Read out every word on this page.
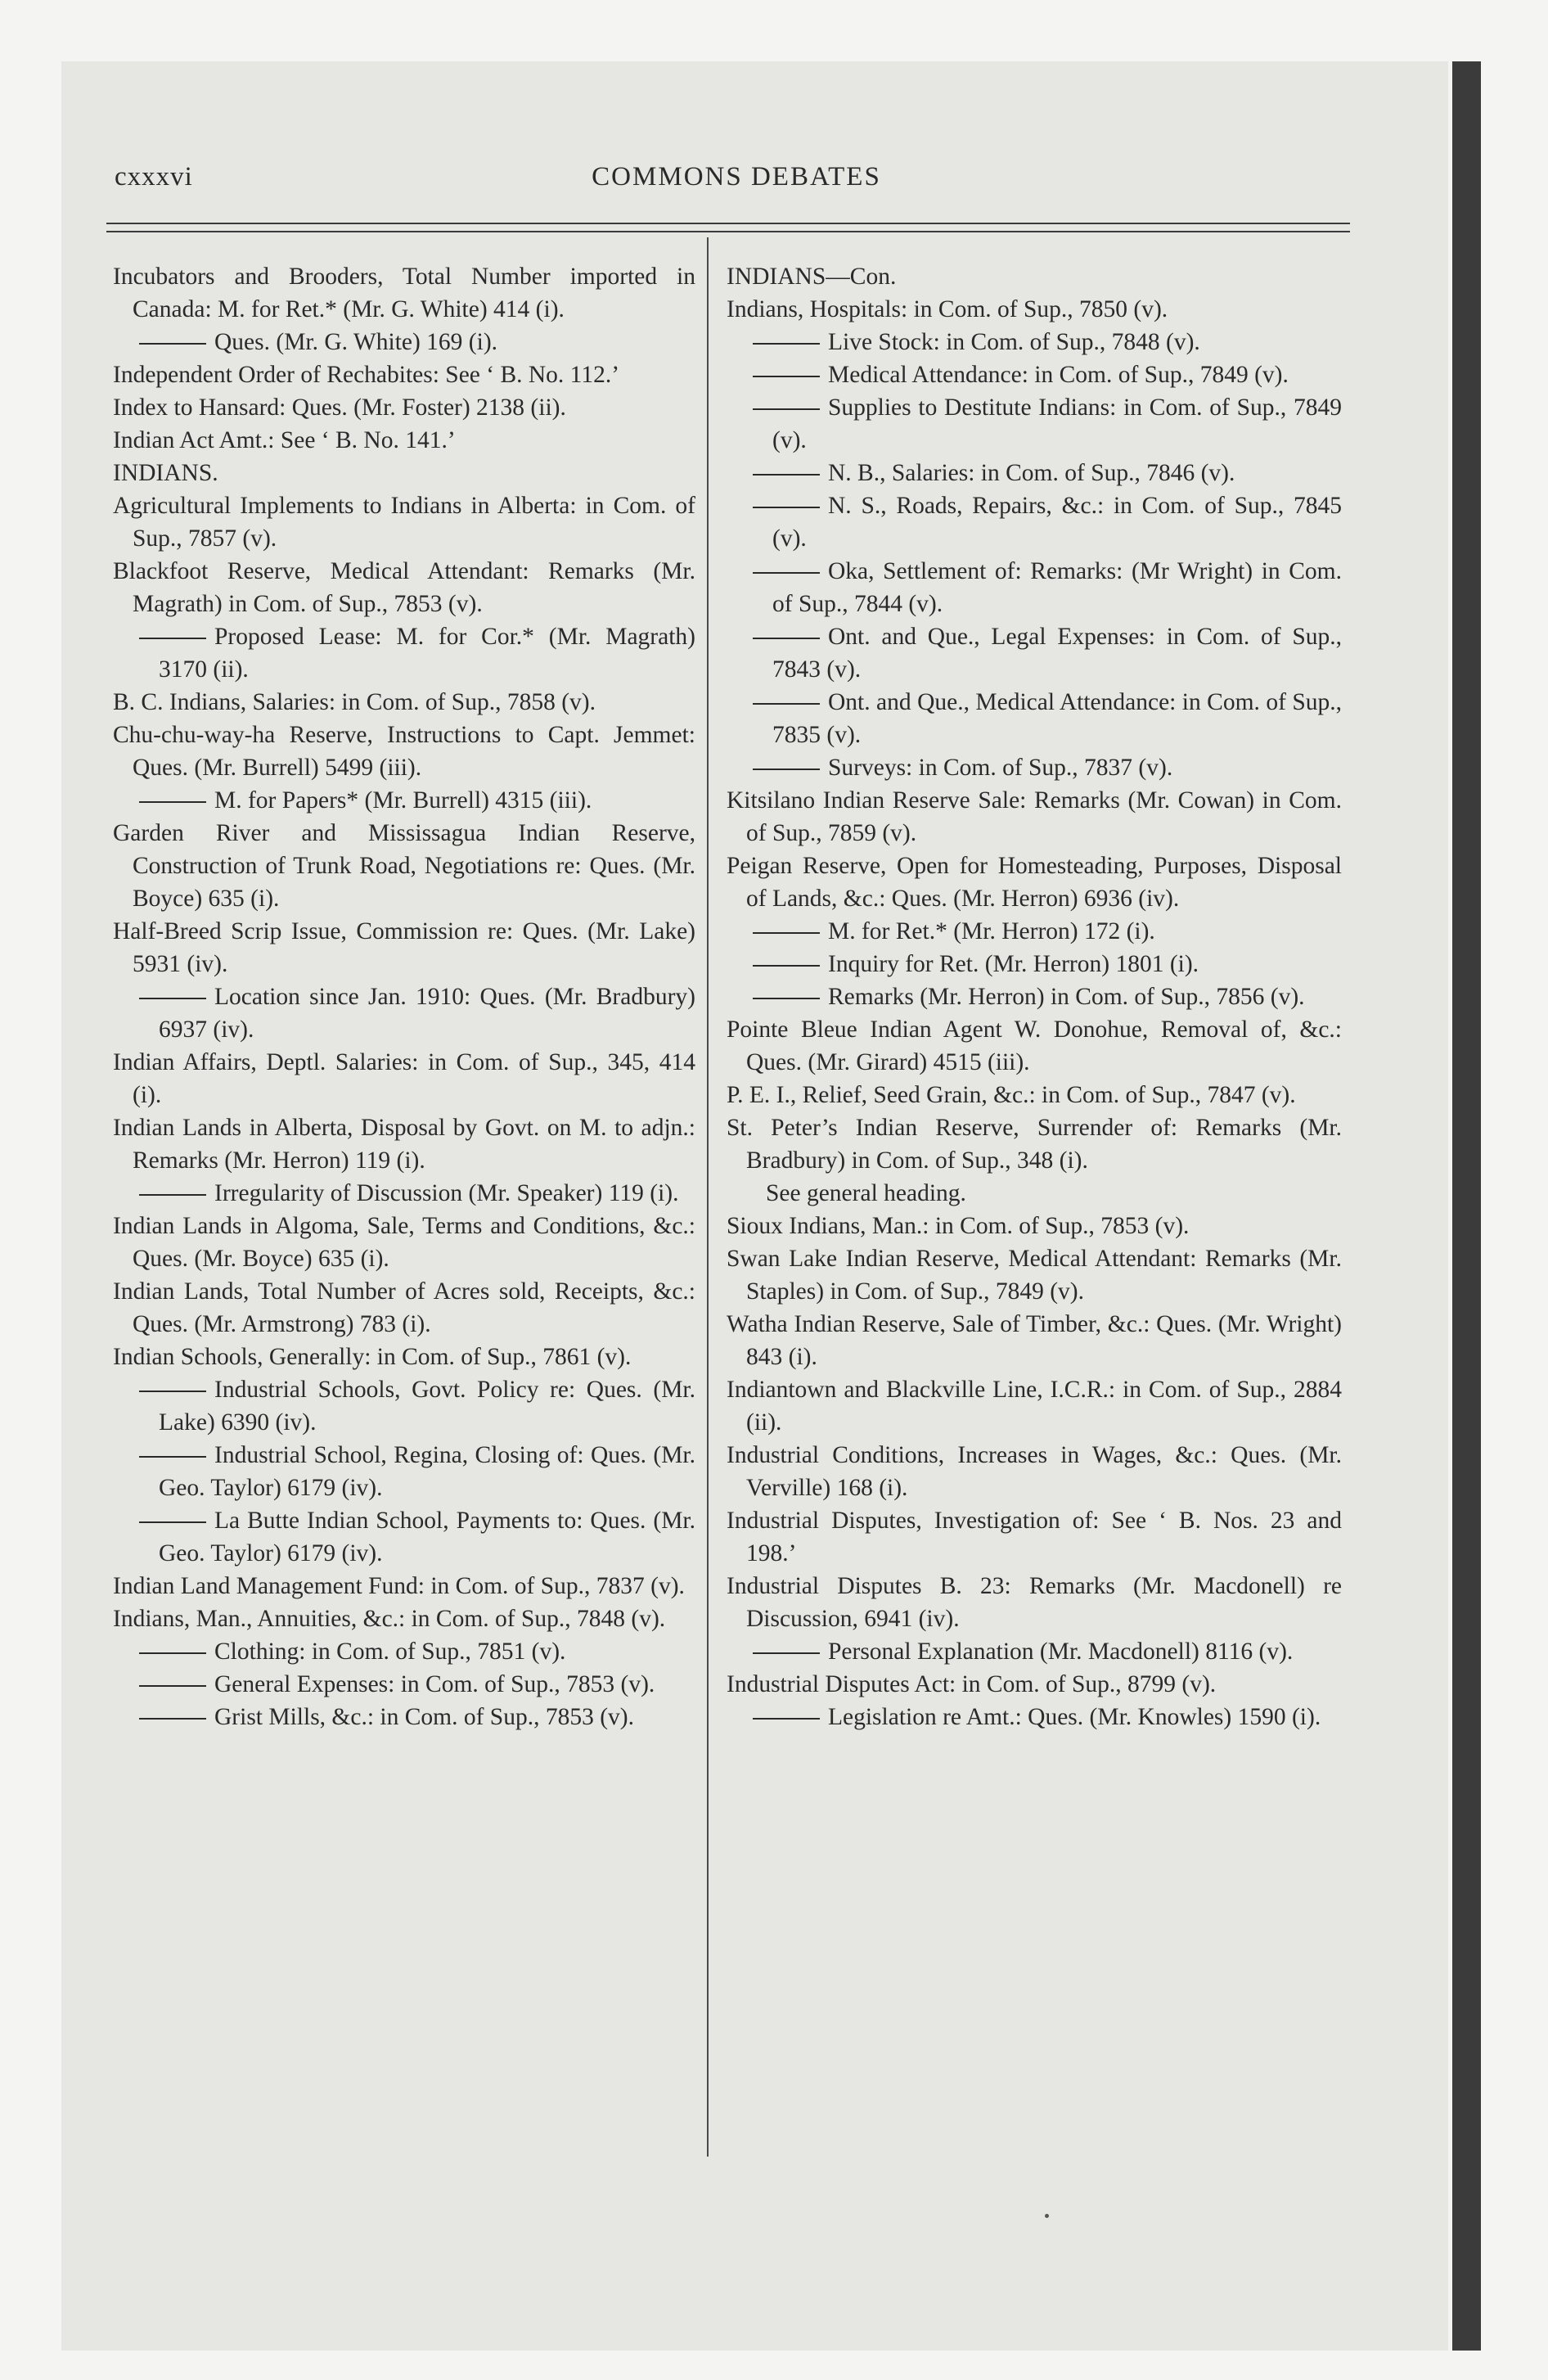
cxxxvi	COMMONS DEBATES

Incubators and Brooders, Total Number imported in Canada: M. for Ret.* (Mr. G. White) 414 (i).

Ques. (Mr. G. White) 169 (i).

Independent Order of Rechabites: See ‘ B. No. 112.’

Index to Hansard: Ques. (Mr. Foster) 2138 (ii).

Indian Act Amt.: See ‘ B. No. 141.’

INDIANS.

Agricultural Implements to Indians in Alberta: in Com. of Sup., 7857 (v).

Blackfoot Reserve, Medical Attendant: Remarks (Mr. Magrath) in Com. of Sup., 7853 (v).

Proposed Lease: M. for Cor.* (Mr. Magrath) 3170 (ii).

B. C. Indians, Salaries: in Com. of Sup., 7858 (v).

Chu-chu-way-ha Reserve, Instructions to Capt. Jemmet: Ques. (Mr. Burrell) 5499 (iii).

M. for Papers* (Mr. Burrell) 4315 (iii).

Garden River and Mississagua Indian Reserve, Construction of Trunk Road, Negotiations re: Ques. (Mr. Boyce) 635 (i).

Half-Breed Scrip Issue, Commission re: Ques. (Mr. Lake) 5931 (iv).

Location since Jan. 1910: Ques. (Mr. Bradbury) 6937 (iv).

Indian Affairs, Deptl. Salaries: in Com. of Sup., 345, 414 (i).

Indian Lands in Alberta, Disposal by Govt. on M. to adjn.: Remarks (Mr. Herron) 119 (i).

Irregularity of Discussion (Mr. Speaker) 119 (i).

Indian Lands in Algoma, Sale, Terms and Conditions, &c.: Ques. (Mr. Boyce) 635 (i).

Indian Lands, Total Number of Acres sold, Receipts, &c.: Ques. (Mr. Armstrong) 783 (i).

Indian Schools, Generally: in Com. of Sup., 7861 (v).

Industrial Schools, Govt. Policy re: Ques. (Mr. Lake) 6390 (iv).

Industrial School, Regina, Closing of: Ques. (Mr. Geo. Taylor) 6179 (iv).

La Butte Indian School, Payments to: Ques. (Mr. Geo. Taylor) 6179 (iv).

Indian Land Management Fund: in Com. of Sup., 7837 (v).

Indians, Man., Annuities, &c.: in Com. of Sup., 7848 (v).

Clothing: in Com. of Sup., 7851 (v).

General Expenses: in Com. of Sup., 7853 (v).

Grist Mills, &c.: in Com. of Sup., 7853 (v).

INDIANS—Con.

Indians, Hospitals: in Com. of Sup., 7850 (v).

Live Stock: in Com. of Sup., 7848 (v).

Medical Attendance: in Com. of Sup., 7849 (v).

Supplies to Destitute Indians: in Com. of Sup., 7849 (v).

N. B., Salaries: in Com. of Sup., 7846 (v).

N. S., Roads, Repairs, &c.: in Com. of Sup., 7845 (v).

Oka, Settlement of: Remarks: (Mr Wright) in Com. of Sup., 7844 (v).

Ont. and Que., Legal Expenses: in Com. of Sup., 7843 (v).

Ont. and Que., Medical Attendance: in Com. of Sup., 7835 (v).

Surveys: in Com. of Sup., 7837 (v).

Kitsilano Indian Reserve Sale: Remarks (Mr. Cowan) in Com. of Sup., 7859 (v).

Peigan Reserve, Open for Homesteading, Purposes, Disposal of Lands, &c.: Ques. (Mr. Herron) 6936 (iv).

M. for Ret.* (Mr. Herron) 172 (i).

Inquiry for Ret. (Mr. Herron) 1801 (i).

Remarks (Mr. Herron) in Com. of Sup., 7856 (v).

Pointe Bleue Indian Agent W. Donohue, Removal of, &c.: Ques. (Mr. Girard) 4515 (iii).

P. E. I., Relief, Seed Grain, &c.: in Com. of Sup., 7847 (v).

St. Peter’s Indian Reserve, Surrender of: Remarks (Mr. Bradbury) in Com. of Sup., 348 (i).

See general heading.

Sioux Indians, Man.: in Com. of Sup., 7853 (v).

Swan Lake Indian Reserve, Medical Attendant: Remarks (Mr. Staples) in Com. of Sup., 7849 (v).

Watha Indian Reserve, Sale of Timber, &c.: Ques. (Mr. Wright) 843 (i).

Indiantown and Blackville Line, I.C.R.: in Com. of Sup., 2884 (ii).

Industrial Conditions, Increases in Wages, &c.: Ques. (Mr. Verville) 168 (i).

Industrial Disputes, Investigation of: See ‘ B. Nos. 23 and 198.’

Industrial Disputes B. 23: Remarks (Mr. Macdonell) re Discussion, 6941 (iv).

Personal Explanation (Mr. Macdonell) 8116 (v).

Industrial Disputes Act: in Com. of Sup., 8799 (v).

Legislation re Amt.: Ques. (Mr. Knowles) 1590 (i).
